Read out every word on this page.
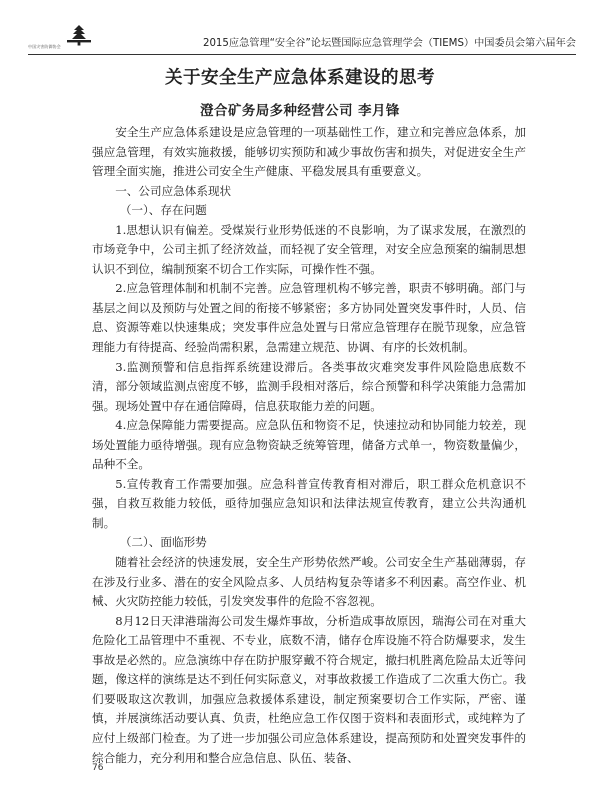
中国灾害防御协会	2015应急管理“安全谷”论坛暨国际应急管理学会（TIEMS）中国委员会第六届年会
关于安全生产应急体系建设的思考
澄合矿务局多种经营公司 李月锋

安全生产应急体系建设是应急管理的一项基础性工作，建立和完善应急体系，加强应急管理，有效实施救援，能够切实预防和减少事故伤害和损失，对促进安全生产管理全面实施，推进公司安全生产健康、平稳发展具有重要意义。

一、公司应急体系现状

（一）、存在问题

1.思想认识有偏差。受煤炭行业形势低迷的不良影响，为了谋求发展，在激烈的市场竞争中，公司主抓了经济效益，而轻视了安全管理，对安全应急预案的编制思想认识不到位，编制预案不切合工作实际，可操作性不强。

2.应急管理体制和机制不完善。应急管理机构不够完善，职责不够明确。部门与基层之间以及预防与处置之间的衔接不够紧密；多方协同处置突发事件时，人员、信息、资源等难以快速集成；突发事件应急处置与日常应急管理存在脱节现象，应急管理能力有待提高、经验尚需积累，急需建立规范、协调、有序的长效机制。

3.监测预警和信息指挥系统建设滞后。各类事故灾难突发事件风险隐患底数不清，部分领域监测点密度不够，监测手段相对落后，综合预警和科学决策能力急需加强。现场处置中存在通信障碍，信息获取能力差的问题。

4.应急保障能力需要提高。应急队伍和物资不足，快速拉动和协同能力较差，现场处置能力亟待增强。现有应急物资缺乏统筹管理，储备方式单一，物资数量偏少，品种不全。

5.宣传教育工作需要加强。应急科普宣传教育相对滞后，职工群众危机意识不强，自救互救能力较低，亟待加强应急知识和法律法规宣传教育，建立公共沟通机制。

（二）、面临形势

随着社会经济的快速发展，安全生产形势依然严峻。公司安全生产基础薄弱，存在涉及行业多、潜在的安全风险点多、人员结构复杂等诸多不利因素。高空作业、机械、火灾防控能力较低，引发突发事件的危险不容忽视。

8月12日天津港瑞海公司发生爆炸事故，分析造成事故原因，瑞海公司在对重大危险化工品管理中不重视、不专业，底数不清，储存仓库设施不符合防爆要求，发生事故是必然的。应急演练中存在防护服穿戴不符合规定，撤扫机胜离危险品太近等问题，像这样的演练是达不到任何实际意义，对事故救援工作造成了二次重大伤亡。我们要吸取这次教训，加强应急救援体系建设，制定预案要切合工作实际，严密、谨慎，并展演练活动要认真、负责，杜绝应急工作仅图于资料和表面形式，或纯粹为了应付上级部门检查。为了进一步加强公司应急体系建设，提高预防和处置突发事件的综合能力，充分利用和整合应急信息、队伍、装备、

76
